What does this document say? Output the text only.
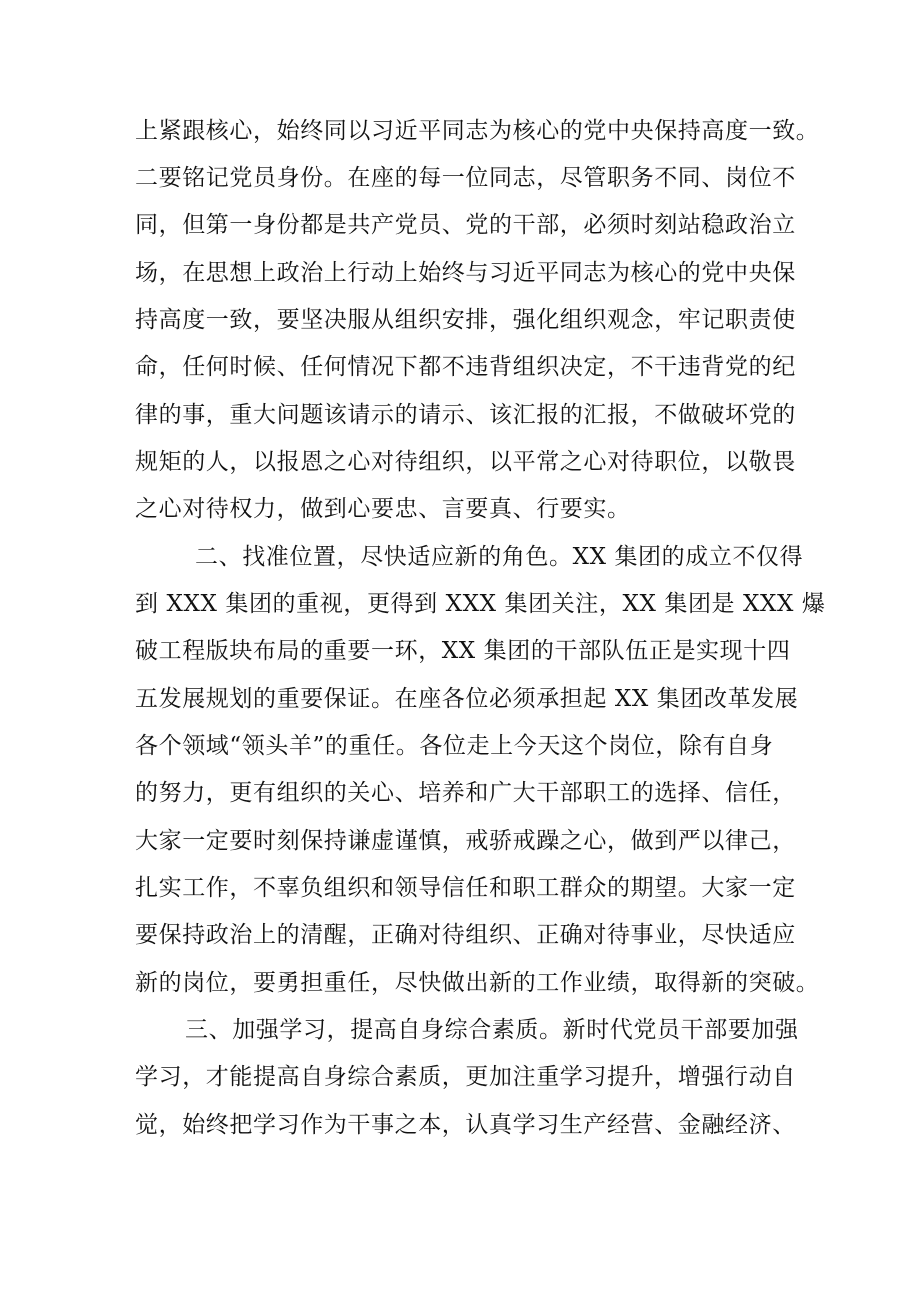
上紧跟核心，始终同以习近平同志为核心的党中央保持高度一致。
二要铭记党员身份。在座的每一位同志，尽管职务不同、岗位不
同，但第一身份都是共产党员、党的干部，必须时刻站稳政治立
场，在思想上政治上行动上始终与习近平同志为核心的党中央保
持高度一致，要坚决服从组织安排，强化组织观念，牢记职责使
命，任何时候、任何情况下都不违背组织决定，不干违背党的纪
律的事，重大问题该请示的请示、该汇报的汇报，不做破坏党的
规矩的人，以报恩之心对待组织，以平常之心对待职位，以敬畏
之心对待权力，做到心要忠、言要真、行要实。
二、找准位置，尽快适应新的角色。XX 集团的成立不仅得
到 XXX 集团的重视，更得到 XXX 集团关注，XX 集团是 XXX 爆
破工程版块布局的重要一环，XX 集团的干部队伍正是实现十四
五发展规划的重要保证。在座各位必须承担起 XX 集团改革发展
各个领域“领头羊”的重任。各位走上今天这个岗位，除有自身
的努力，更有组织的关心、培养和广大干部职工的选择、信任，
大家一定要时刻保持谦虚谨慎，戒骄戒躁之心，做到严以律己，
扎实工作，不辜负组织和领导信任和职工群众的期望。大家一定
要保持政治上的清醒，正确对待组织、正确对待事业，尽快适应
新的岗位，要勇担重任，尽快做出新的工作业绩，取得新的突破。
三、加强学习，提高自身综合素质。新时代党员干部要加强
学习，才能提高自身综合素质，更加注重学习提升，增强行动自
觉，始终把学习作为干事之本，认真学习生产经营、金融经济、
